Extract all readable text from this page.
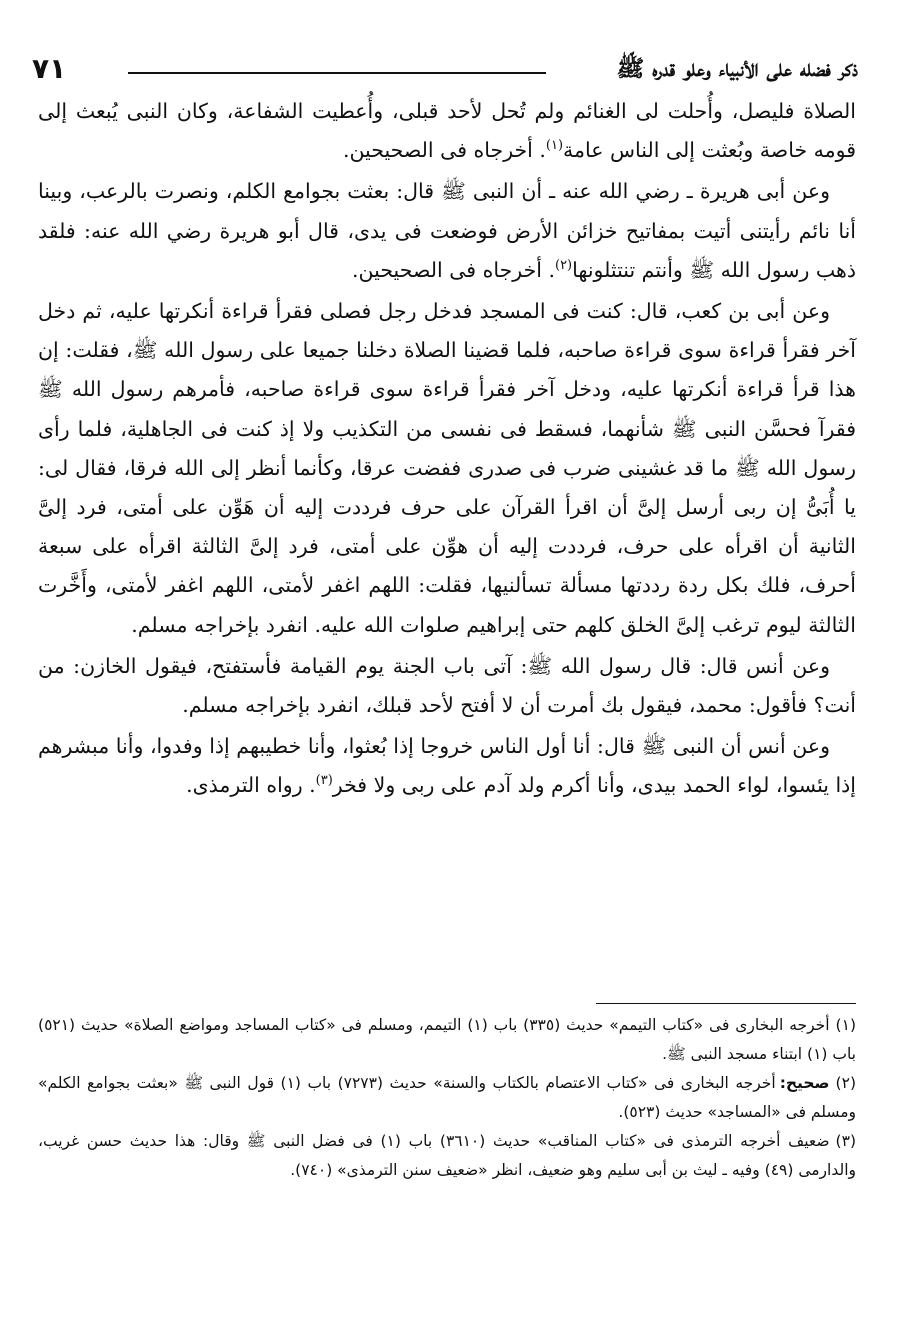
ذكر فضله على الأنبياء وعلو قدره ﷺ
٧١

الصلاة فليصل، وأُحلت لى الغنائم ولم تُحل لأحد قبلى، وأُعطيت الشفاعة، وكان النبى يُبعث إلى قومه خاصة وبُعثت إلى الناس عامة$^{(١)}$. أخرجاه فى الصحيحين.

وعن أبى هريرة ـ رضي الله عنه ـ أن النبى ﷺ قال: بعثت بجوامع الكلم، ونصرت بالرعب، وبينا أنا نائم رأيتنى أتيت بمفاتيح خزائن الأرض فوضعت فى يدى، قال أبو هريرة رضي الله عنه: فلقد ذهب رسول الله ﷺ وأنتم تنتثلونها$^{(٢)}$. أخرجاه فى الصحيحين.

وعن أبى بن كعب، قال: كنت فى المسجد فدخل رجل فصلى فقرأ قراءة أنكرتها عليه، ثم دخل آخر فقرأ قراءة سوى قراءة صاحبه، فلما قضينا الصلاة دخلنا جميعا على رسول الله ﷺ، فقلت: إن هذا قرأ قراءة أنكرتها عليه، ودخل آخر فقرأ قراءة سوى قراءة صاحبه، فأمرهم رسول الله ﷺ فقرآ فحسَّن النبى ﷺ شأنهما، فسقط فى نفسى من التكذيب ولا إذ كنت فى الجاهلية، فلما رأى رسول الله ﷺ ما قد غشينى ضرب فى صدرى ففضت عرقا، وكأنما أنظر إلى الله فرقا، فقال لى: يا أُبَىُّ إن ربى أرسل إلىَّ أن اقرأ القرآن على حرف فرددت إليه أن هَوِّن على أمتى، فرد إلىَّ الثانية أن اقرأه على حرف، فرددت إليه أن هوِّن على أمتى، فرد إلىَّ الثالثة اقرأه على سبعة أحرف، فلك بكل ردة رددتها مسألة تسألنيها، فقلت: اللهم اغفر لأمتى، اللهم اغفر لأمتى، وأَخَّرت الثالثة ليوم ترغب إلىَّ الخلق كلهم حتى إبراهيم صلوات الله عليه. انفرد بإخراجه مسلم.

وعن أنس قال: قال رسول الله ﷺ: آتى باب الجنة يوم القيامة فأستفتح، فيقول الخازن: من أنت؟ فأقول: محمد، فيقول بك أمرت أن لا أفتح لأحد قبلك، انفرد بإخراجه مسلم.

وعن أنس أن النبى ﷺ قال: أنا أول الناس خروجا إذا بُعثوا، وأنا خطيبهم إذا وفدوا، وأنا مبشرهم إذا يئسوا، لواء الحمد بيدى، وأنا أكرم ولد آدم على ربى ولا فخر$^{(٣)}$. رواه الترمذى.

(١)أخرجه البخارى فى «كتاب التيمم» حديث (٣٣٥) باب (١) التيمم، ومسلم فى «كتاب المساجد ومواضع الصلاة» حديث (٥٢١) باب (١) ابتناء مسجد النبى ﷺ.

(٢)صحيح:أخرجه البخارى فى «كتاب الاعتصام بالكتاب والسنة» حديث (٧٢٧٣) باب (١) قول النبى ﷺ «بعثت بجوامع الكلم» ومسلم فى «المساجد» حديث (٥٢٣).

(٣)ضعيف أخرجه الترمذى فى «كتاب المناقب» حديث (٣٦١٠) باب (١) فى فضل النبى ﷺ وقال: هذا حديث حسن غريب، والدارمى (٤٩) وفيه ـ ليث بن أبى سليم وهو ضعيف، انظر «ضعيف سنن الترمذى» (٧٤٠).
